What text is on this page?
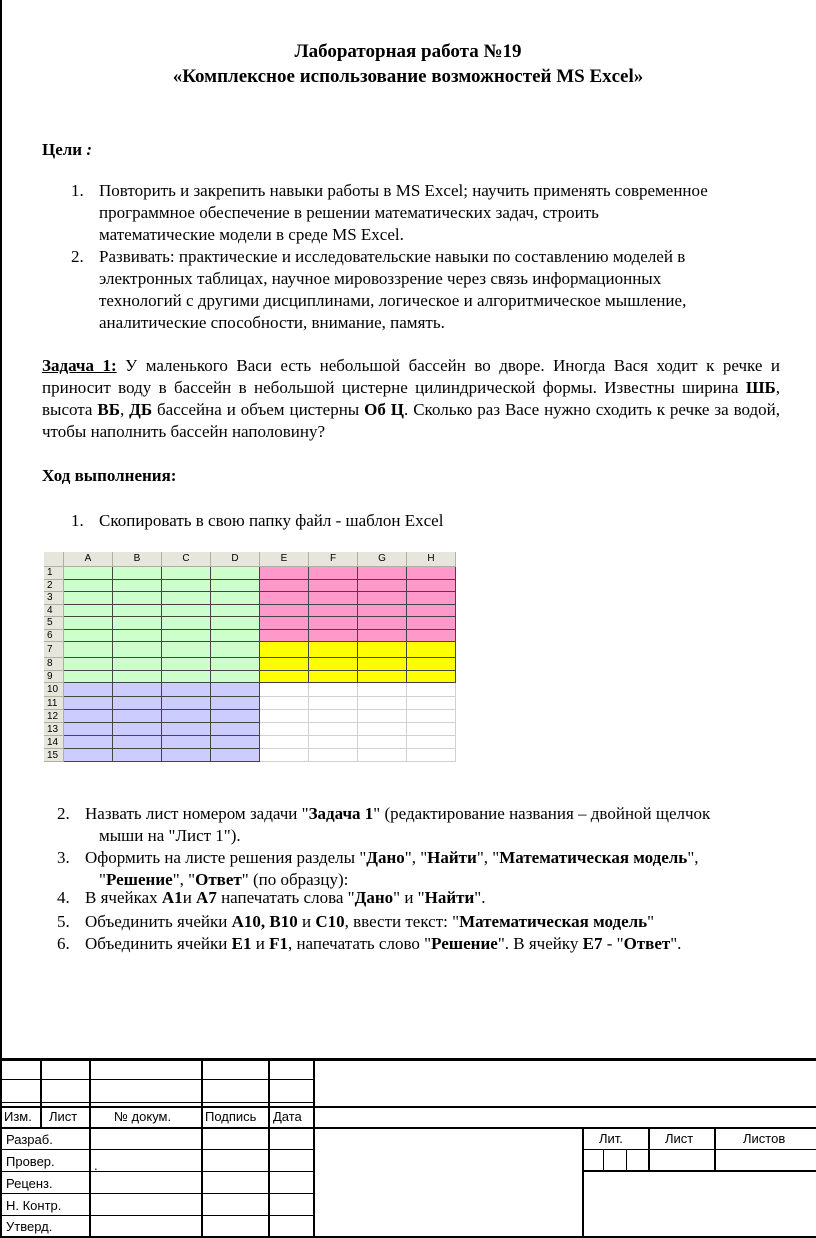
Лабораторная работа №19
«Комплексное использование возможностей MS Excel»
Цели :
1. Повторить и закрепить навыки работы в MS Excel; научить применять современное
программное обеспечение в решении математических задач, строить
математические модели в среде MS Excel.
2. Развивать: практические и исследовательские навыки по составлению моделей в
электронных таблицах, научное мировоззрение через связь информационных
технологий с другими дисциплинами, логическое и алгоритмическое мышление,
аналитические способности, внимание, память.
Задача 1: У маленького Васи есть небольшой бассейн во дворе. Иногда Вася ходит к речке и приносит воду в бассейн в небольшой цистерне цилиндрической формы. Известны ширина ШБ, высота ВБ, ДБ бассейна и объем цистерны Об Ц. Сколько раз Васе нужно сходить к речке за водой, чтобы наполнить бассейн наполовину?
Ход выполнения:
1. Скопировать в свою папку файл - шаблон Excel
A	B	C	D	E	F	G	H
1
2
3
4
5
6
7
8
9
10
11
12
13
14
15
2. Назвать лист номером задачи "Задача 1" (редактирование названия – двойной щелчок
мыши на "Лист 1").
3. Оформить на листе решения разделы "Дано", "Найти", "Математическая модель",
"Решение", "Ответ" (по образцу):
4. В ячейках А1и А7 напечатать слова "Дано" и "Найти".
5. Объединить ячейки А10, В10 и С10, ввести текст: "Математическая модель"
6. Объединить ячейки Е1 и F1, напечатать слово "Решение". В ячейку Е7 - "Ответ".
Изм. Лист	№ докум.	Подпись Дата
Разраб.
Провер.	.
Реценз.
Н. Контр.
Утверд.
Лит.	Лист	Листов
